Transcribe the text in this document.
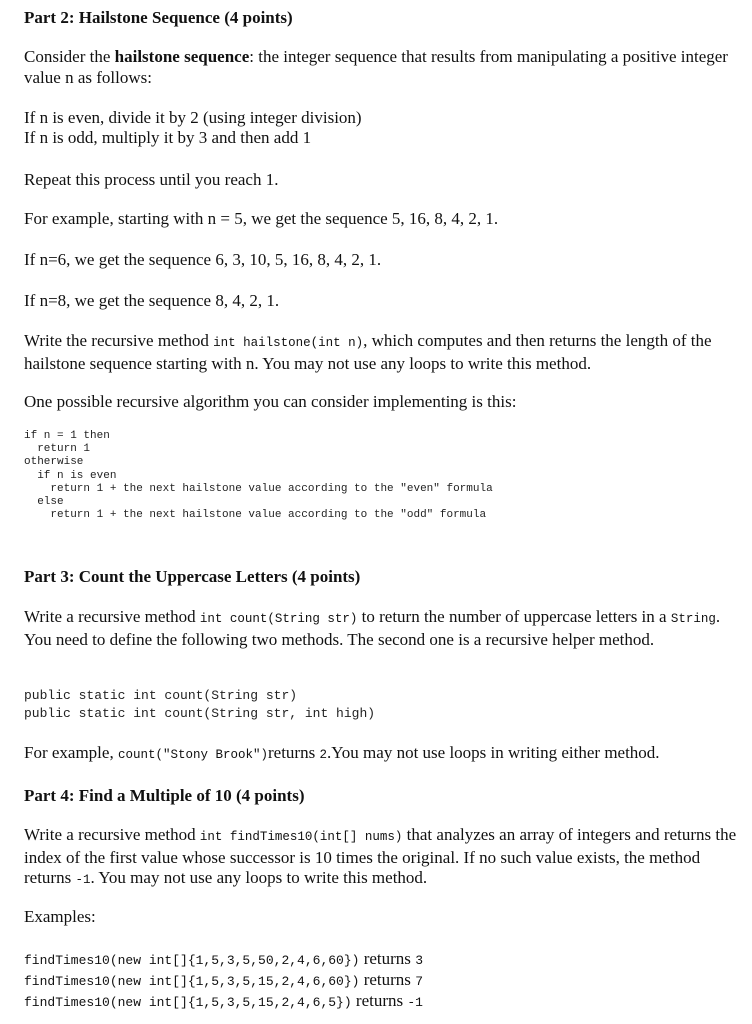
Part 2: Hailstone Sequence (4 points)

Consider the hailstone sequence: the integer sequence that results from manipulating a positive integer value n as follows:

If n is even, divide it by 2 (using integer division)

If n is odd, multiply it by 3 and then add 1

Repeat this process until you reach 1.

For example, starting with n = 5, we get the sequence 5, 16, 8, 4, 2, 1.

If n=6, we get the sequence 6, 3, 10, 5, 16, 8, 4, 2, 1.

If n=8, we get the sequence 8, 4, 2, 1.

Write the recursive method int hailstone(int n), which computes and then returns the length of the hailstone sequence starting with n. You may not use any loops to write this method.

One possible recursive algorithm you can consider implementing is this:

if n = 1 then
return 1
otherwise
if n is even
return 1 + the next hailstone value according to the "even" formula
else
return 1 + the next hailstone value according to the "odd" formula
Part 3: Count the Uppercase Letters (4 points)

Write a recursive method int count(String str) to return the number of uppercase letters in a String. You need to define the following two methods. The second one is a recursive helper method.

public static int count(String str)
public static int count(String str, int high)

For example, count("Stony Brook")returns 2.You may not use loops in writing either method.

Part 4: Find a Multiple of 10 (4 points)

Write a recursive method int findTimes10(int[] nums) that analyzes an array of integers and returns the index of the first value whose successor is 10 times the original. If no such value exists, the method returns -1. You may not use any loops to write this method.

Examples:

findTimes10(new int[]{1,5,3,5,50,2,4,6,60}) returns 3

findTimes10(new int[]{1,5,3,5,15,2,4,6,60}) returns 7

findTimes10(new int[]{1,5,3,5,15,2,4,6,5}) returns -1
